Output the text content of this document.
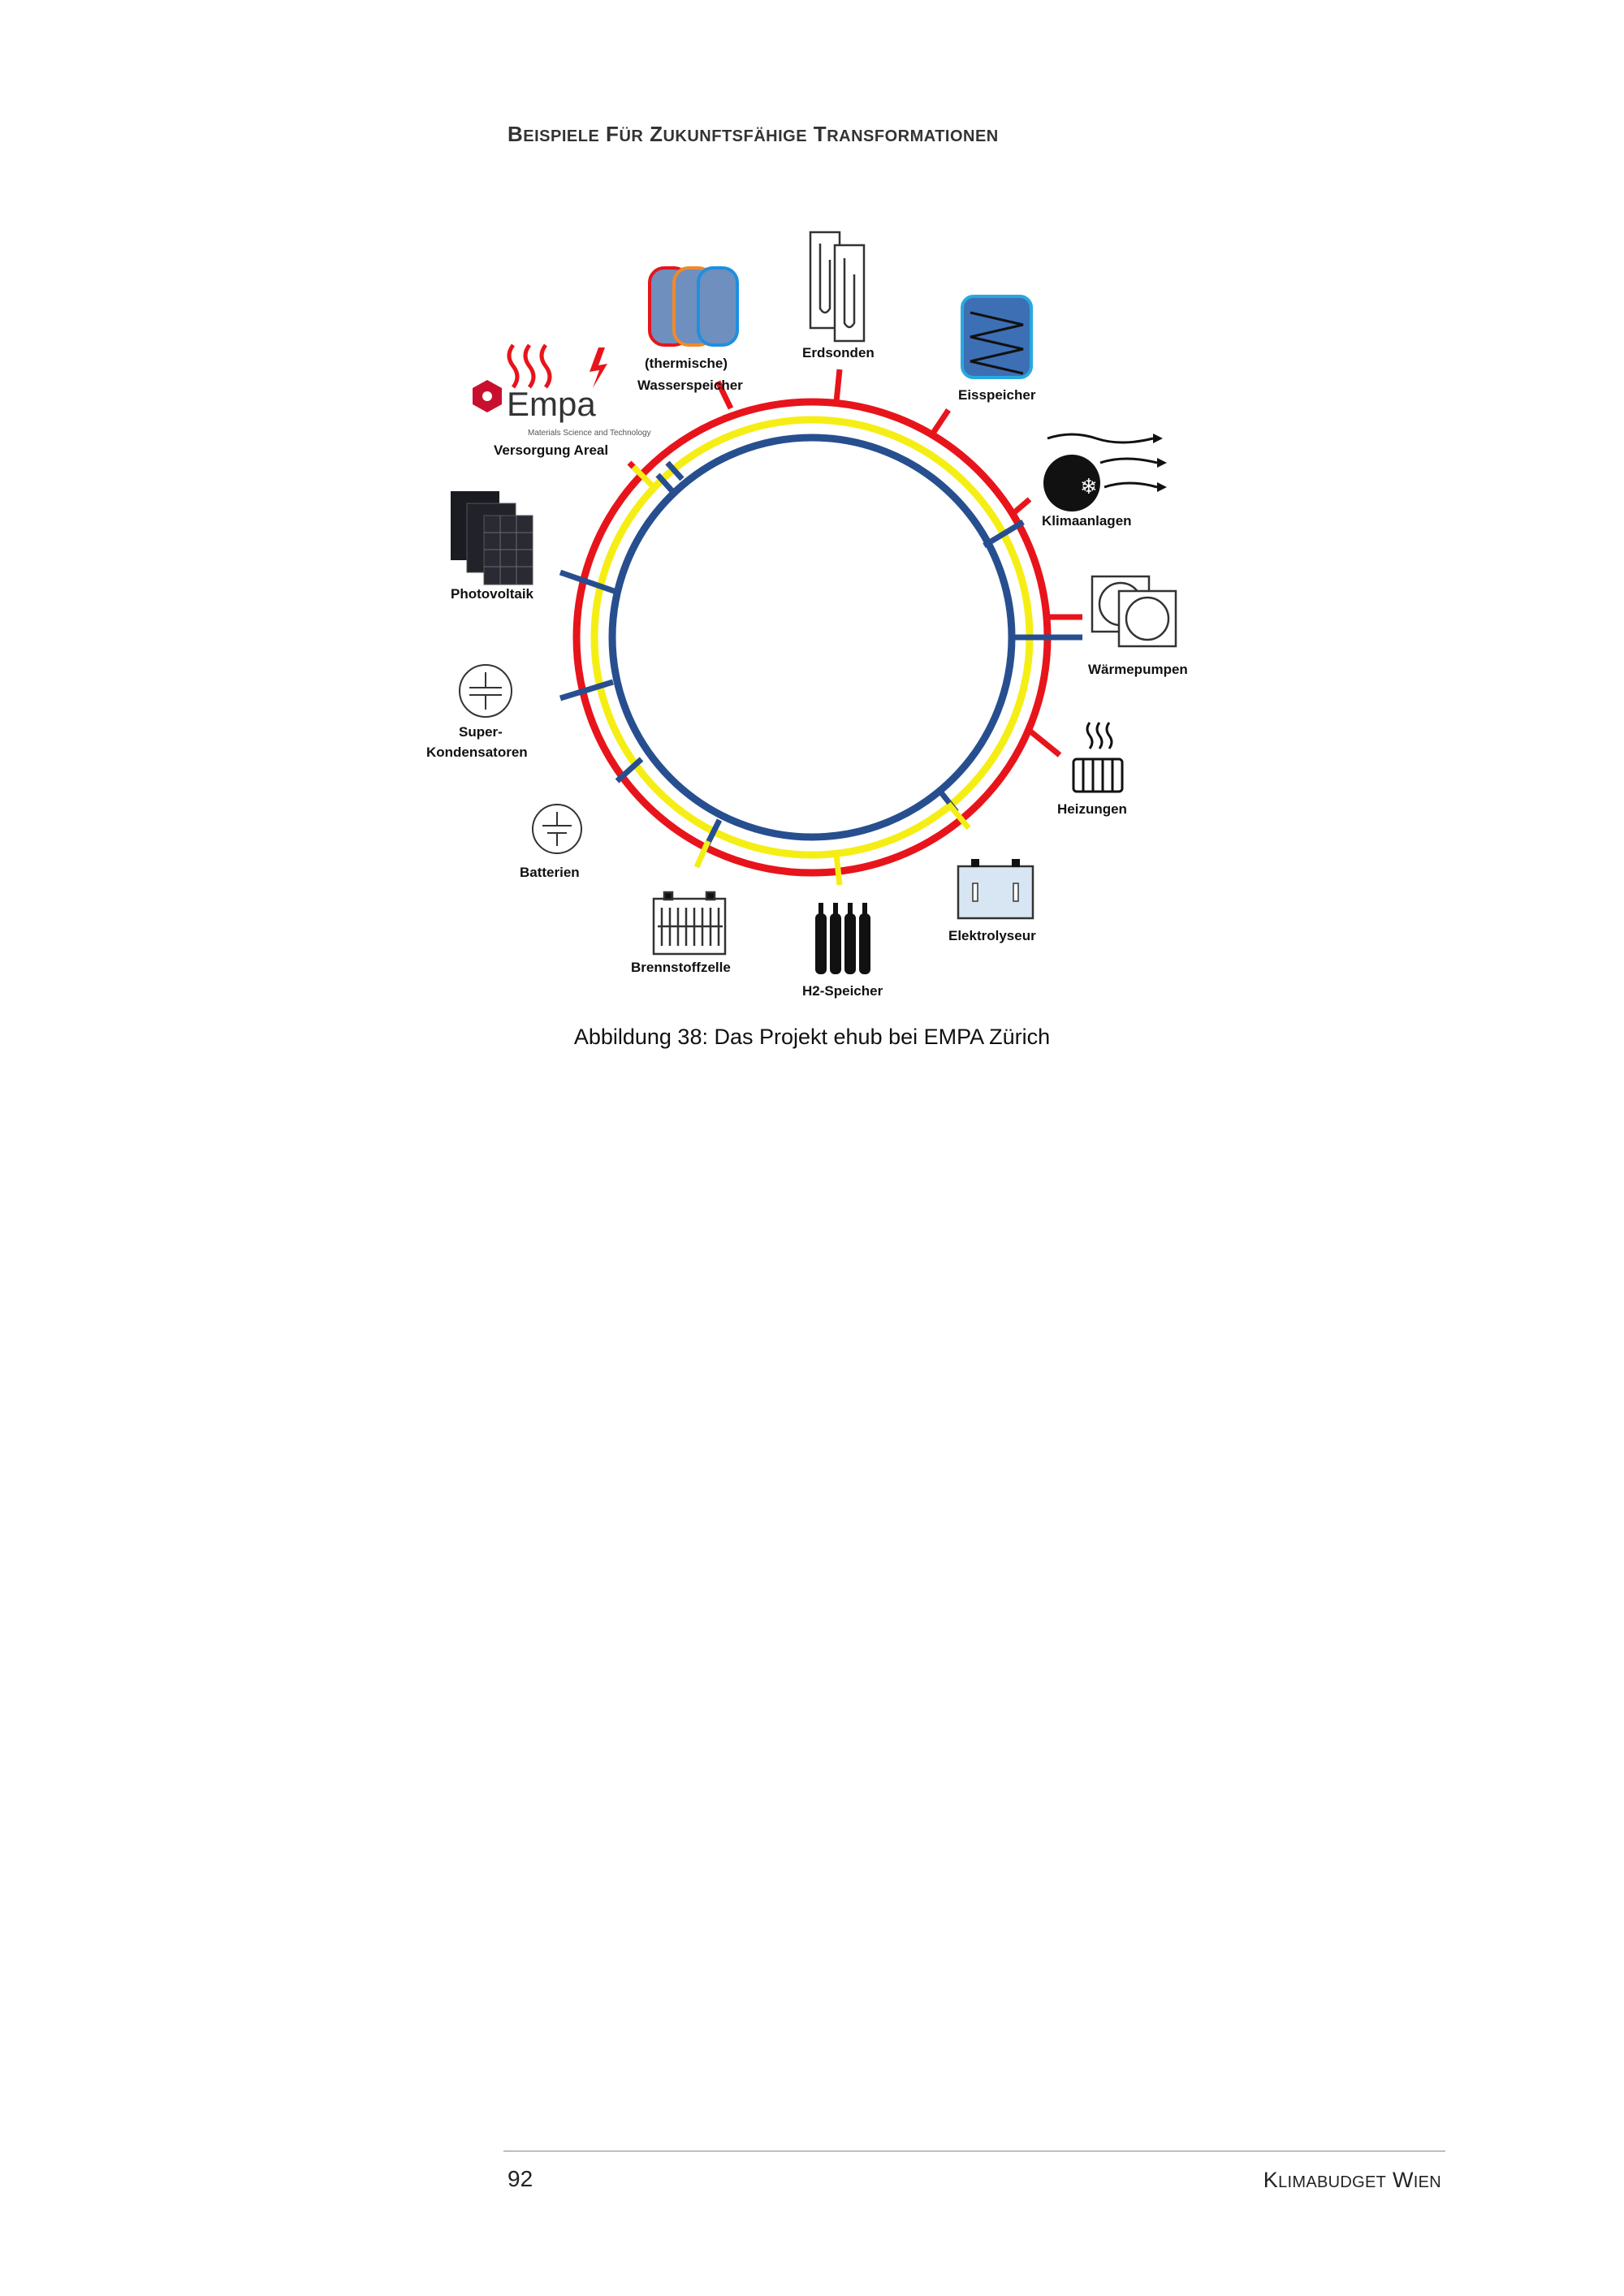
BEISPIELE FÜR ZUKUNFTSFÄHIGE TRANSFORMATIONEN
Empa
Materials Science and Technology
Versorgung Areal
(thermische)
Wasserspeicher
Erdsonden
Eisspeicher
❄
Klimaanlagen
Wärmepumpen
Heizungen
Elektrolyseur
H2-Speicher
Brennstoffzelle
Batterien
Super-
Kondensatoren
Photovoltaik
Abbildung 38: Das Projekt ehub bei EMPA Zürich
92	KLIMABUDGET WIEN
